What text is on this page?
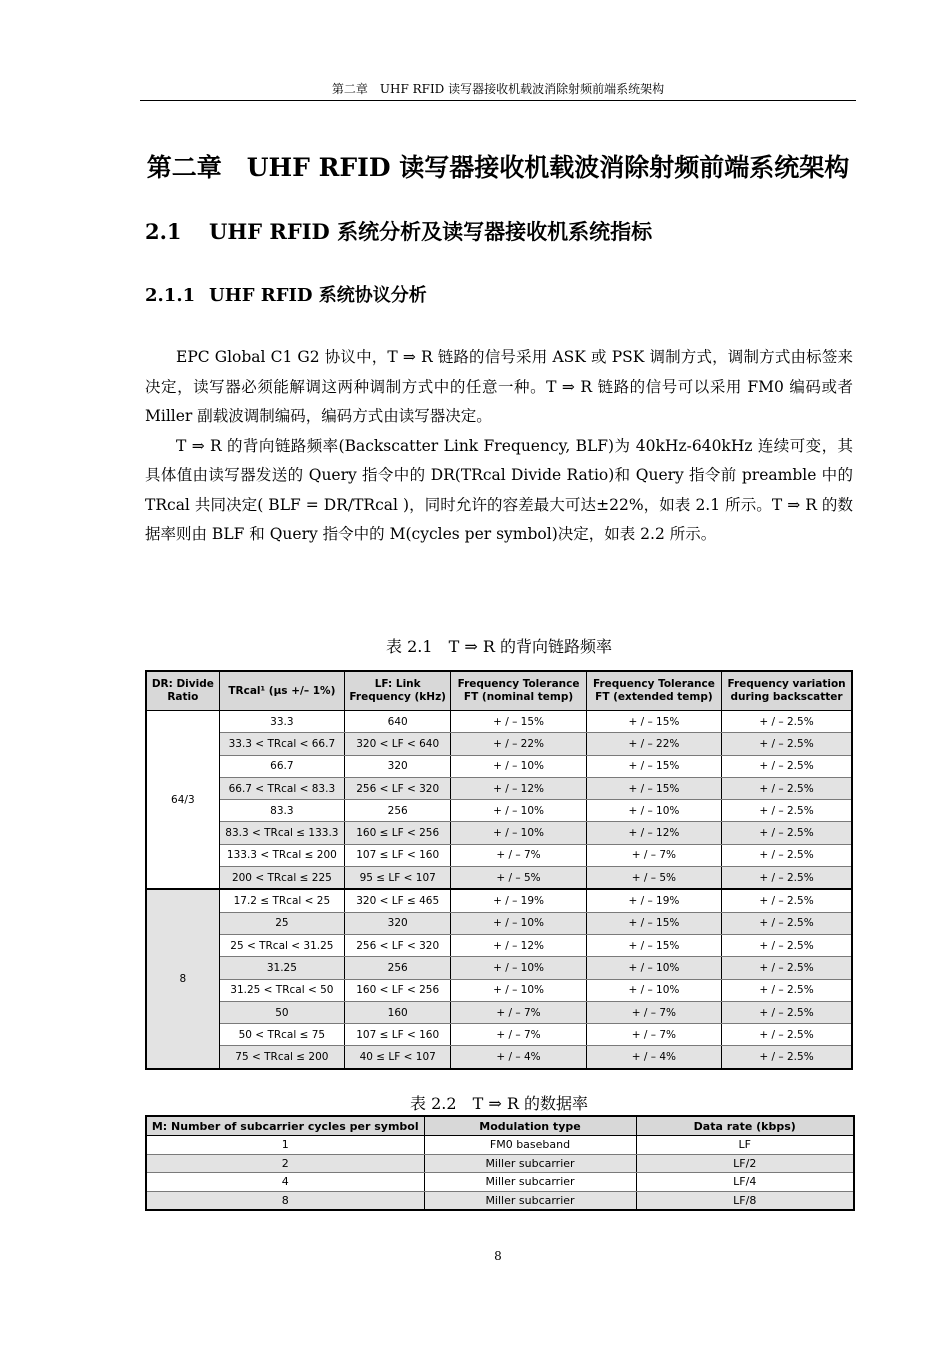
第二章　UHF RFID 读写器接收机载波消除射频前端系统架构
第二章　UHF RFID 读写器接收机载波消除射频前端系统架构
2.1 UHF RFID 系统分析及读写器接收机系统指标
2.1.1 UHF RFID 系统协议分析

EPC Global C1 G2 协议中，T ⇒ R 链路的信号采用 ASK 或 PSK 调制方式，调制方式由标签来决定，读写器必须能解调这两种调制方式中的任意一种。T ⇒ R 链路的信号可以采用 FM0 编码或者 Miller 副载波调制编码，编码方式由读写器决定。

T ⇒ R 的背向链路频率(Backscatter Link Frequency, BLF)为 40kHz-640kHz 连续可变，其具体值由读写器发送的 Query 指令中的 DR(TRcal Divide Ratio)和 Query 指令前 preamble 中的 TRcal 共同决定( BLF = DR/TRcal )，同时允许的容差最大可达±22%，如表 2.1 所示。T ⇒ R 的数据率则由 BLF 和 Query 指令中的 M(cycles per symbol)决定，如表 2.2 所示。

表 2.1　T ⇒ R 的背向链路频率
DR: Divide Ratio	TRcal¹ (µs +/– 1%)	LF: Link Frequency (kHz)	Frequency Tolerance FT (nominal temp)	Frequency Tolerance FT (extended temp)	Frequency variation during backscatter
64/3	33.3	640	+ / – 15%	+ / – 15%	+ / – 2.5%
	33.3 < TRcal < 66.7	320 < LF < 640	+ / – 22%	+ / – 22%	+ / – 2.5%
	66.7	320	+ / – 10%	+ / – 15%	+ / – 2.5%
	66.7 < TRcal < 83.3	256 < LF < 320	+ / – 12%	+ / – 15%	+ / – 2.5%
	83.3	256	+ / – 10%	+ / – 10%	+ / – 2.5%
	83.3 < TRcal ≤ 133.3	160 ≤ LF < 256	+ / – 10%	+ / – 12%	+ / – 2.5%
	133.3 < TRcal ≤ 200	107 ≤ LF < 160	+ / – 7%	+ / – 7%	+ / – 2.5%
	200 < TRcal ≤ 225	95 ≤ LF < 107	+ / – 5%	+ / – 5%	+ / – 2.5%
8	17.2 ≤ TRcal < 25	320 < LF ≤ 465	+ / – 19%	+ / – 19%	+ / – 2.5%
	25	320	+ / – 10%	+ / – 15%	+ / – 2.5%
	25 < TRcal < 31.25	256 < LF < 320	+ / – 12%	+ / – 15%	+ / – 2.5%
	31.25	256	+ / – 10%	+ / – 10%	+ / – 2.5%
	31.25 < TRcal < 50	160 < LF < 256	+ / – 10%	+ / – 10%	+ / – 2.5%
	50	160	+ / – 7%	+ / – 7%	+ / – 2.5%
	50 < TRcal ≤ 75	107 ≤ LF < 160	+ / – 7%	+ / – 7%	+ / – 2.5%
	75 < TRcal ≤ 200	40 ≤ LF < 107	+ / – 4%	+ / – 4%	+ / – 2.5%
表 2.2　T ⇒ R 的数据率
M: Number of subcarrier cycles per symbol	Modulation type	Data rate (kbps)
1	FM0 baseband	LF
2	Miller subcarrier	LF/2
4	Miller subcarrier	LF/4
8	Miller subcarrier	LF/8
8
